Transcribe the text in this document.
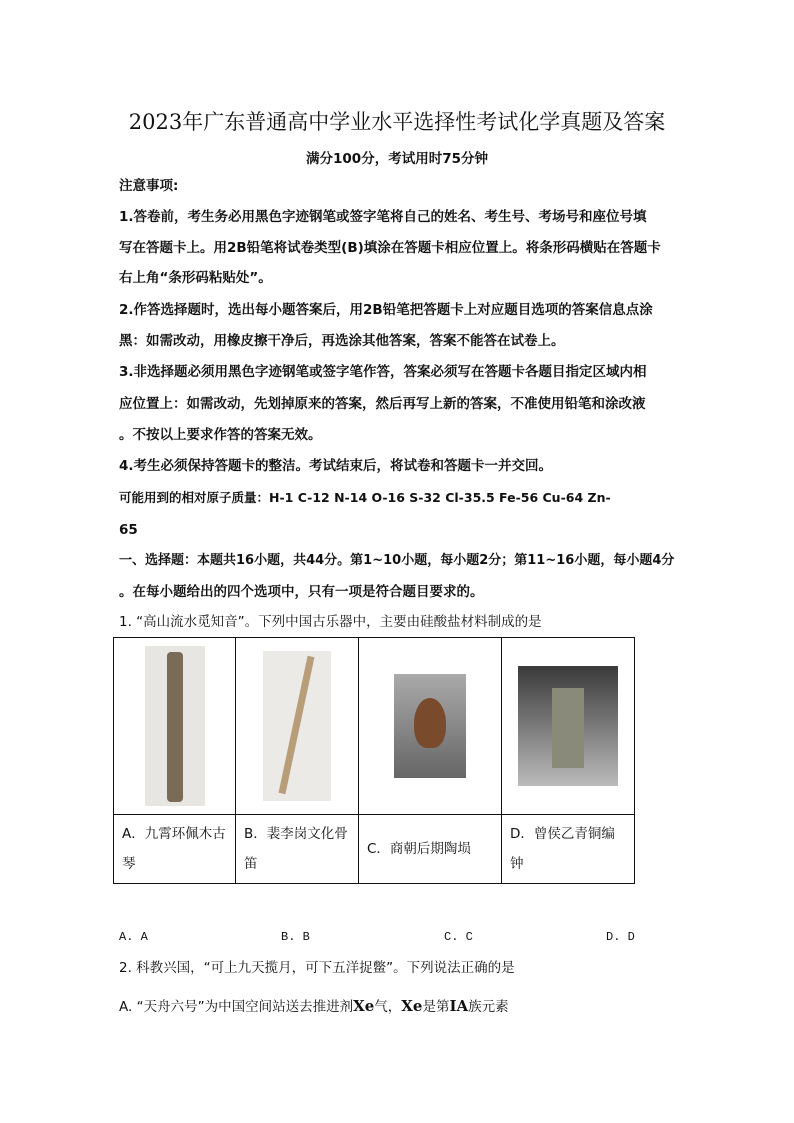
2023年广东普通高中学业水平选择性考试化学真题及答案
满分100分，考试用时75分钟
注意事项:
1.答卷前，考生务必用黑色字迹钢笔或签字笔将自己的姓名、考生号、考场号和座位号填
写在答题卡上。用2B铅笔将试卷类型(B)填涂在答题卡相应位置上。将条形码横贴在答题卡
右上角“条形码粘贴处”。
2.作答选择题时，选出每小题答案后，用2B铅笔把答题卡上对应题目选项的答案信息点涂
黑：如需改动，用橡皮擦干净后，再选涂其他答案，答案不能答在试卷上。
3.非选择题必须用黑色字迹钢笔或签字笔作答，答案必须写在答题卡各题目指定区域内相
应位置上：如需改动，先划掉原来的答案，然后再写上新的答案，不准使用铅笔和涂改液
。不按以上要求作答的答案无效。
4.考生必须保持答题卡的整洁。考试结束后，将试卷和答题卡一并交回。
可能用到的相对原子质量：H-1 C-12 N-14 O-16 S-32 Cl-35.5 Fe-56 Cu-64 Zn-
65
一、选择题：本题共16小题，共44分。第1~10小题，每小题2分；第11~16小题，每小题4分
。在每小题给出的四个选项中，只有一项是符合题目要求的。
1. “高山流水觅知音”。下列中国古乐器中，主要由硅酸盐材料制成的是

A．九霄环佩木古
琴	B．裴李岗文化骨
笛	C．商朝后期陶埙	D．曾侯乙青铜编
钟
A. A	B. B	C. C	D. D
2. 科教兴国，“可上九天揽月，可下五洋捉鳖”。下列说法正确的是
A. “天舟六号”为中国空间站送去推进剂Xe气，Xe是第IA族元素
